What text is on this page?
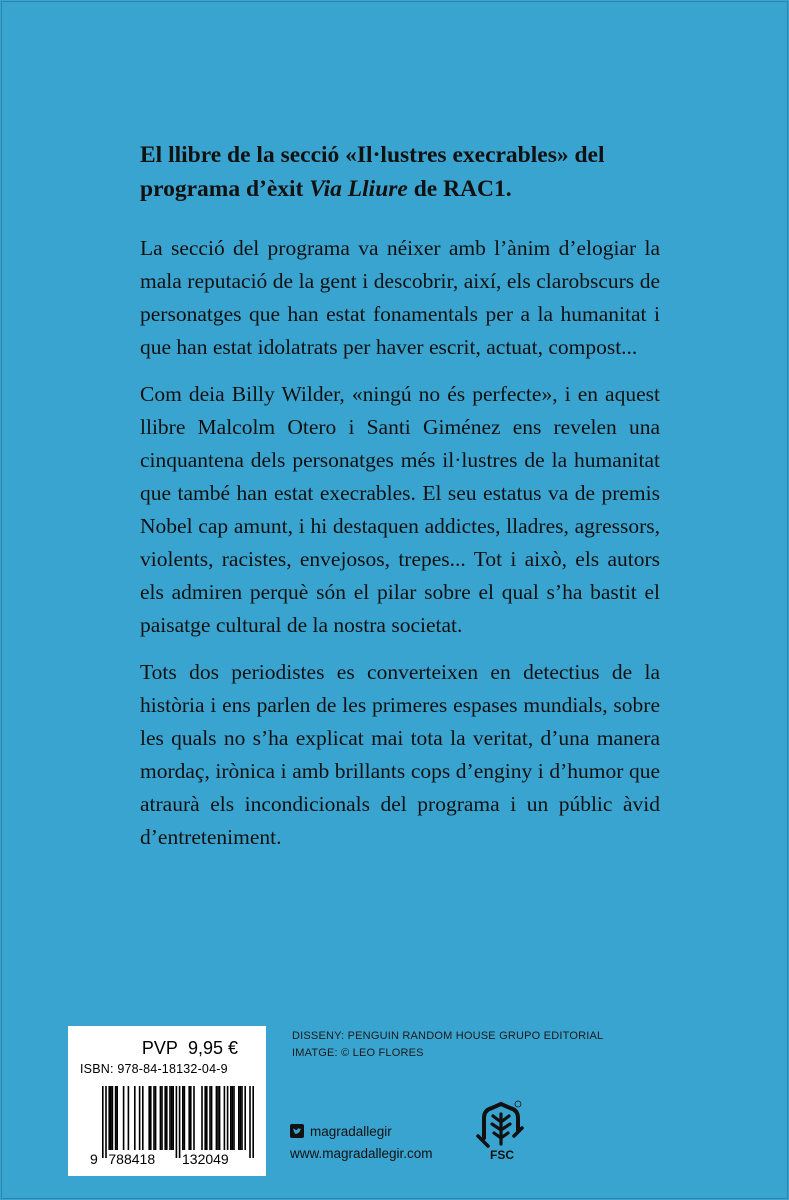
El llibre de la secció «Il·lustres execrables» del programa d’èxit Via Lliure de RAC1.

La secció del programa va néixer amb l’ànim d’elogiar la mala reputació de la gent i descobrir, així, els clarobscurs de personatges que han estat fonamentals per a la humanitat i que han estat idolatrats per haver escrit, actuat, compost...

Com deia Billy Wilder, «ningú no és perfecte», i en aquest llibre Malcolm Otero i Santi Giménez ens revelen una cinquantena dels personatges més il·lustres de la humanitat que també han estat execrables. El seu estatus va de premis Nobel cap amunt, i hi destaquen addictes, lladres, agressors, violents, racistes, envejosos, trepes... Tot i això, els autors els admiren perquè són el pilar sobre el qual s’ha bastit el paisatge cultural de la nostra societat.

Tots dos periodistes es converteixen en detectius de la història i ens parlen de les primeres espases mundials, sobre les quals no s’ha explicat mai tota la veritat, d’una manera mordaç, irònica i amb brillants cops d’enginy i d’humor que atraurà els incondicionals del programa i un públic àvid d’entreteniment.

PVP 9,95 €
ISBN: 978-84-18132-04-9
9 788418 132049
DISSENY: PENGUIN RANDOM HOUSE GRUPO EDITORIAL
IMATGE: © LEO FLORES
magradallegir
www.magradallegir.com	FSC
